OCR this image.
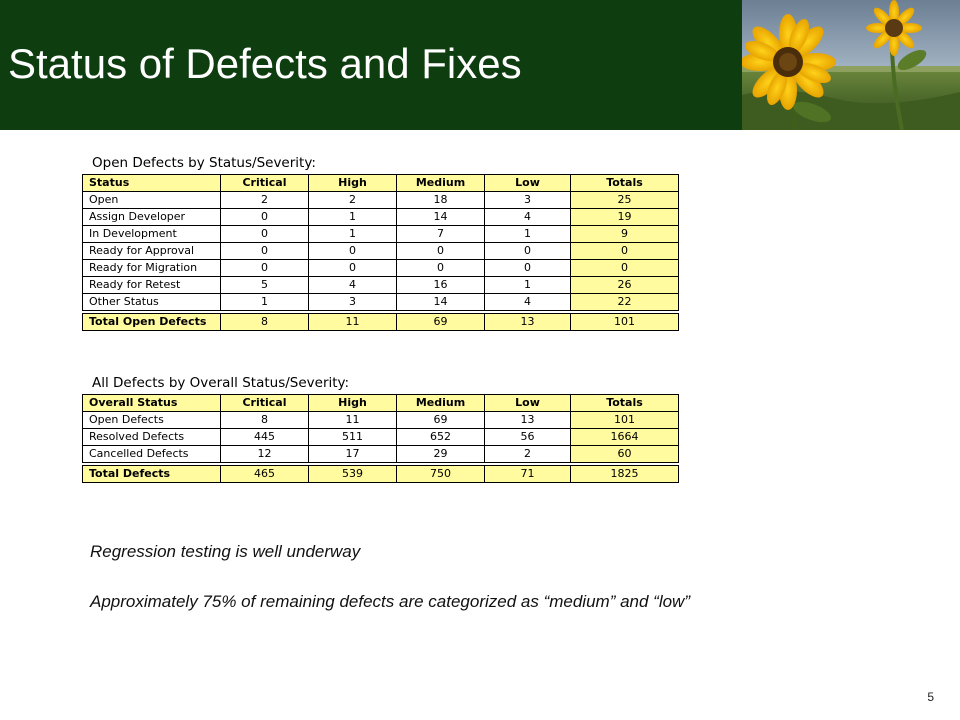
Status of Defects and Fixes
Open Defects by Status/Severity:
Status	Critical	High	Medium	Low	Totals
Open	2	2	18	3	25
Assign Developer	0	1	14	4	19
In Development	0	1	7	1	9
Ready for Approval	0	0	0	0	0
Ready for Migration	0	0	0	0	0
Ready for Retest	5	4	16	1	26
Other Status	1	3	14	4	22

Total Open Defects	8	11	69	13	101
All Defects by Overall Status/Severity:
Overall Status	Critical	High	Medium	Low	Totals
Open Defects	8	11	69	13	101
Resolved Defects	445	511	652	56	1664
Cancelled Defects	12	17	29	2	60

Total Defects	465	539	750	71	1825

Regression testing is well underway

Approximately 75% of remaining defects are categorized as “medium” and “low”

5
